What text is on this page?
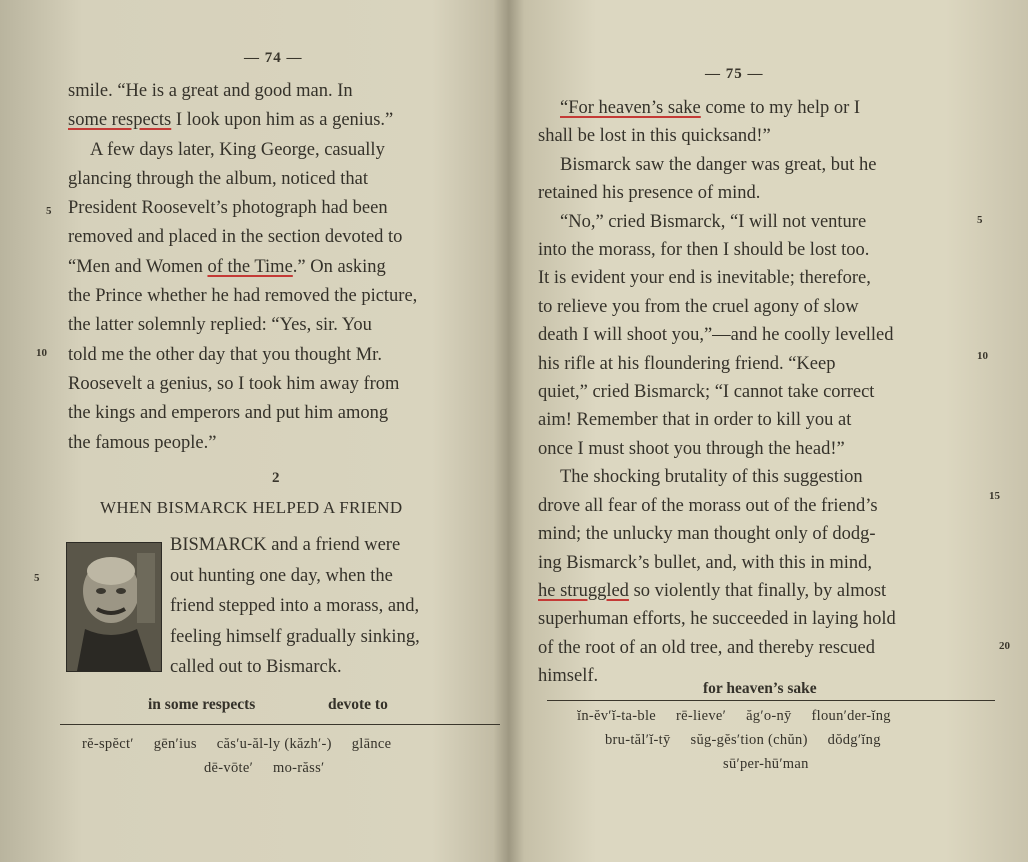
— 74 —

smile. “He is a great and good man. In

some respects I look upon him as a genius.”

A few days later, King George, casually

glancing through the album, noticed that

President Roosevelt’s photograph had been

removed and placed in the section devoted to

“Men and Women of the Time.” On asking

the Prince whether he had removed the picture,

the latter solemnly replied: “Yes, sir. You

told me the other day that you thought Mr.

Roosevelt a genius, so I took him away from

the kings and emperors and put him among

the famous people.”

5
10
2
WHEN BISMARCK HELPED A FRIEND
5

BISMARCK and a friend were

out hunting one day, when the

friend stepped into a morass, and,

feeling himself gradually sinking,

called out to Bismarck.

in some respects	devote to
rĕ-spĕct′ gēn′ius căs′u-ăl-ly (kăzh′-) glānce
dē-vōte′ mo-răss′
— 75 —

“For heaven’s sake come to my help or I

shall be lost in this quicksand!”

Bismarck saw the danger was great, but he

retained his presence of mind.

“No,” cried Bismarck, “I will not venture

into the morass, for then I should be lost too.

It is evident your end is inevitable; therefore,

to relieve you from the cruel agony of slow

death I will shoot you,”—and he coolly levelled

his rifle at his floundering friend. “Keep

quiet,” cried Bismarck; “I cannot take correct

aim! Remember that in order to kill you at

once I must shoot you through the head!”

The shocking brutality of this suggestion

drove all fear of the morass out of the friend’s

mind; the unlucky man thought only of dodg-

ing Bismarck’s bullet, and, with this in mind,

he struggled so violently that finally, by almost

superhuman efforts, he succeeded in laying hold

of the root of an old tree, and thereby rescued

himself.

5
10
15
20
for heaven’s sake
ĭn-ĕv′ĭ-ta-ble rē-lieve′ ăg′o-nȳ floun′der-ĭng
bru-tăl′ĭ-tȳ sŭg-gĕs′tion (chŭn) dŏdg′ĭng
sū′per-hū′man
